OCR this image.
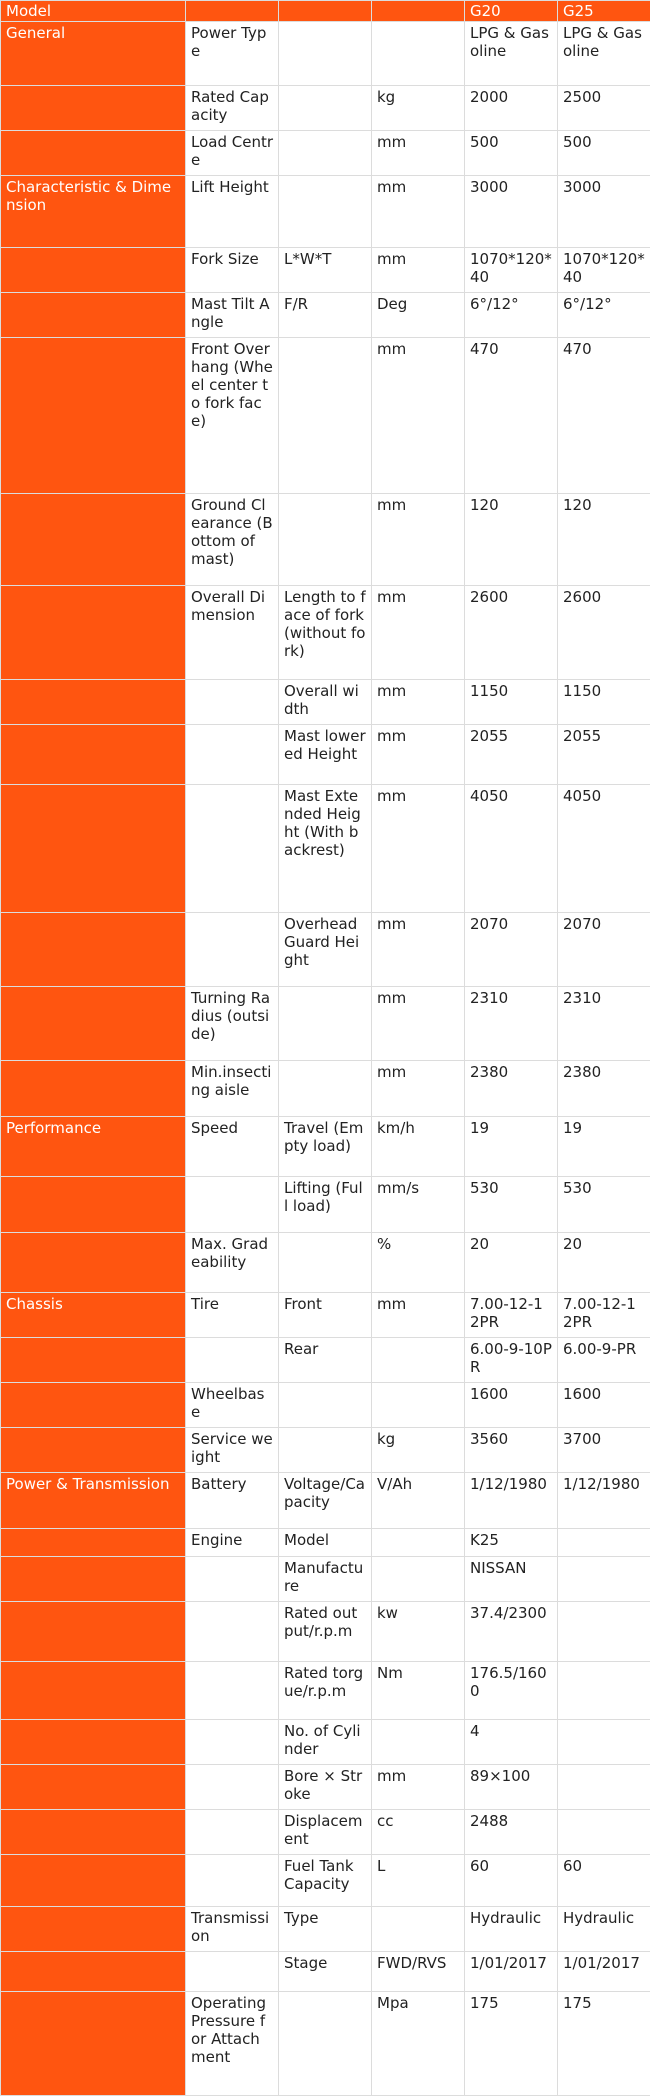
Model				G20	G25
General	Power Type			LPG & Gasoline	LPG & Gasoline
	Rated Capacity		kg	2000	2500
	Load Centre		mm	500	500
Characteristic & Dimension	Lift Height		mm	3000	3000
	Fork Size	L*W*T	mm	1070*120*40	1070*120*40
	Mast Tilt Angle	F/R	Deg	6°/12°	6°/12°
	Front Overhang (Wheel center to fork face)		mm	470	470
	Ground Clearance (Bottom of mast)		mm	120	120
	Overall Dimension	Length to face of fork (without fork)	mm	2600	2600
		Overall width	mm	1150	1150
		Mast lowered Height	mm	2055	2055
		Mast Extended Height (With backrest)	mm	4050	4050
		Overhead Guard Height	mm	2070	2070
	Turning Radius (outside)		mm	2310	2310
	Min.insecting aisle		mm	2380	2380
Performance	Speed	Travel (Empty load)	km/h	19	19
		Lifting (Full load)	mm/s	530	530
	Max. Gradeability		%	20	20
Chassis	Tire	Front	mm	7.00-12-12PR	7.00-12-12PR
		Rear		6.00-9-10PR	6.00-9-PR
	Wheelbase			1600	1600
	Service weight		kg	3560	3700
Power & Transmission	Battery	Voltage/Capacity	V/Ah	1/12/1980	1/12/1980
	Engine	Model		K25	
		Manufacture		NISSAN	
		Rated output/r.p.m	kw	37.4/2300	
		Rated torgue/r.p.m	Nm	176.5/1600	
		No. of Cylinder		4	
		Bore × Stroke	mm	89×100	
		Displacement	cc	2488	
		Fuel Tank Capacity	L	60	60
	Transmission	Type		Hydraulic	Hydraulic
		Stage	FWD/RVS	1/01/2017	1/01/2017
	Operating Pressure for Attachment		Mpa	175	175
